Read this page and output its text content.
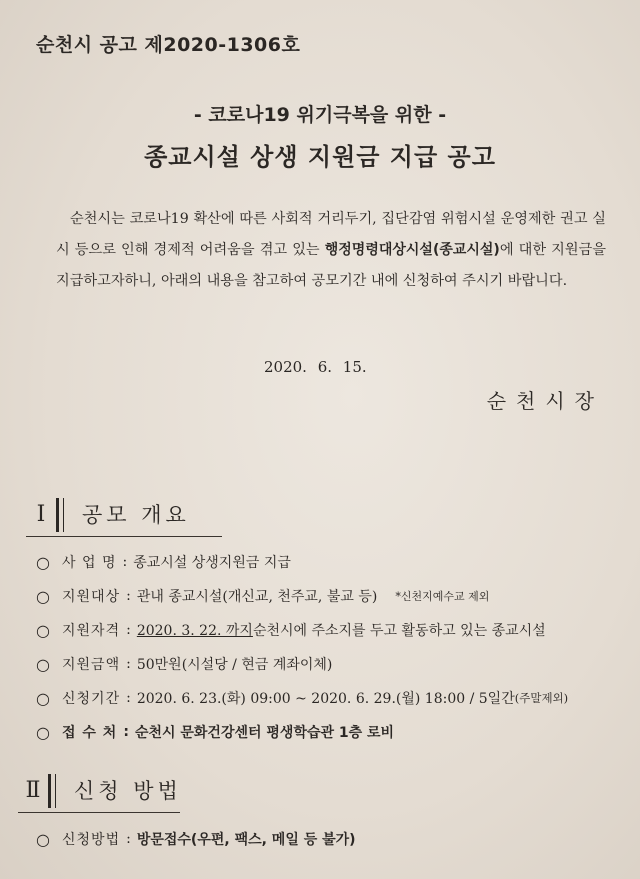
순천시 공고 제2020-1306호
- 코로나19 위기극복을 위한 -
종교시설 상생 지원금 지급 공고

순천시는 코로나19 확산에 따른 사회적 거리두기, 집단감염 위험시설 운영제한 권고 실시 등으로 인해 경제적 어려움을 겪고 있는 행정명령대상시설(종교시설)에 대한 지원금을 지급하고자하니, 아래의 내용을 참고하여 공모기간 내에 신청하여 주시기 바랍니다.

2020. 6. 15.
순천시장
Ⅰ	공모 개요
○ 사 업 명 : 종교시설 상생지원금 지급
○ 지원대상 : 관내 종교시설(개신교, 천주교, 불교 등) *신천지예수교 제외
○ 지원자격 : 2020. 3. 22. 까지 순천시에 주소지를 두고 활동하고 있는 종교시설
○ 지원금액 : 50만원(시설당 / 현금 계좌이체)
○ 신청기간 : 2020. 6. 23.(화) 09:00 ~ 2020. 6. 29.(월) 18:00 / 5일간 (주말제외)
○ 접 수 처 : 순천시 문화건강센터 평생학습관 1층 로비
Ⅱ	신청 방법
○ 신청방법 : 방문접수(우편, 팩스, 메일 등 불가)
